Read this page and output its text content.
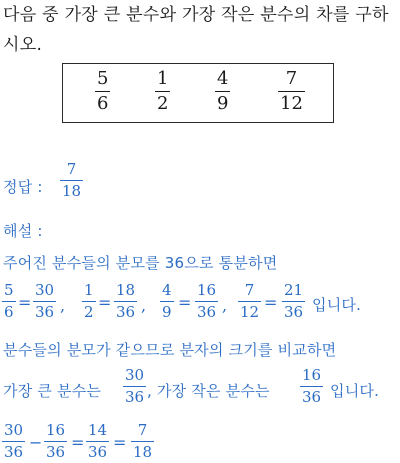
다음 중 가장 큰 분수와 가장 작은 분수의 차를 구하
시오.
5
6
1
2
4
9
7
12
정답 :
7
18
해설 :
주어진 분수들의 분모를 36으로 통분하면
5
6
=
30
36 ,
1
2
=
18
36 ,
4
9
=
16
36 ,
7
12
=
21
36 입니다.
분수들의 분모가 같으므로 분자의 크기를 비교하면
가장 큰 분수는
30
36 , 가장 작은 분수는
16
36 입니다.
30
36
−
16
36
=
14
36
=
7
18
